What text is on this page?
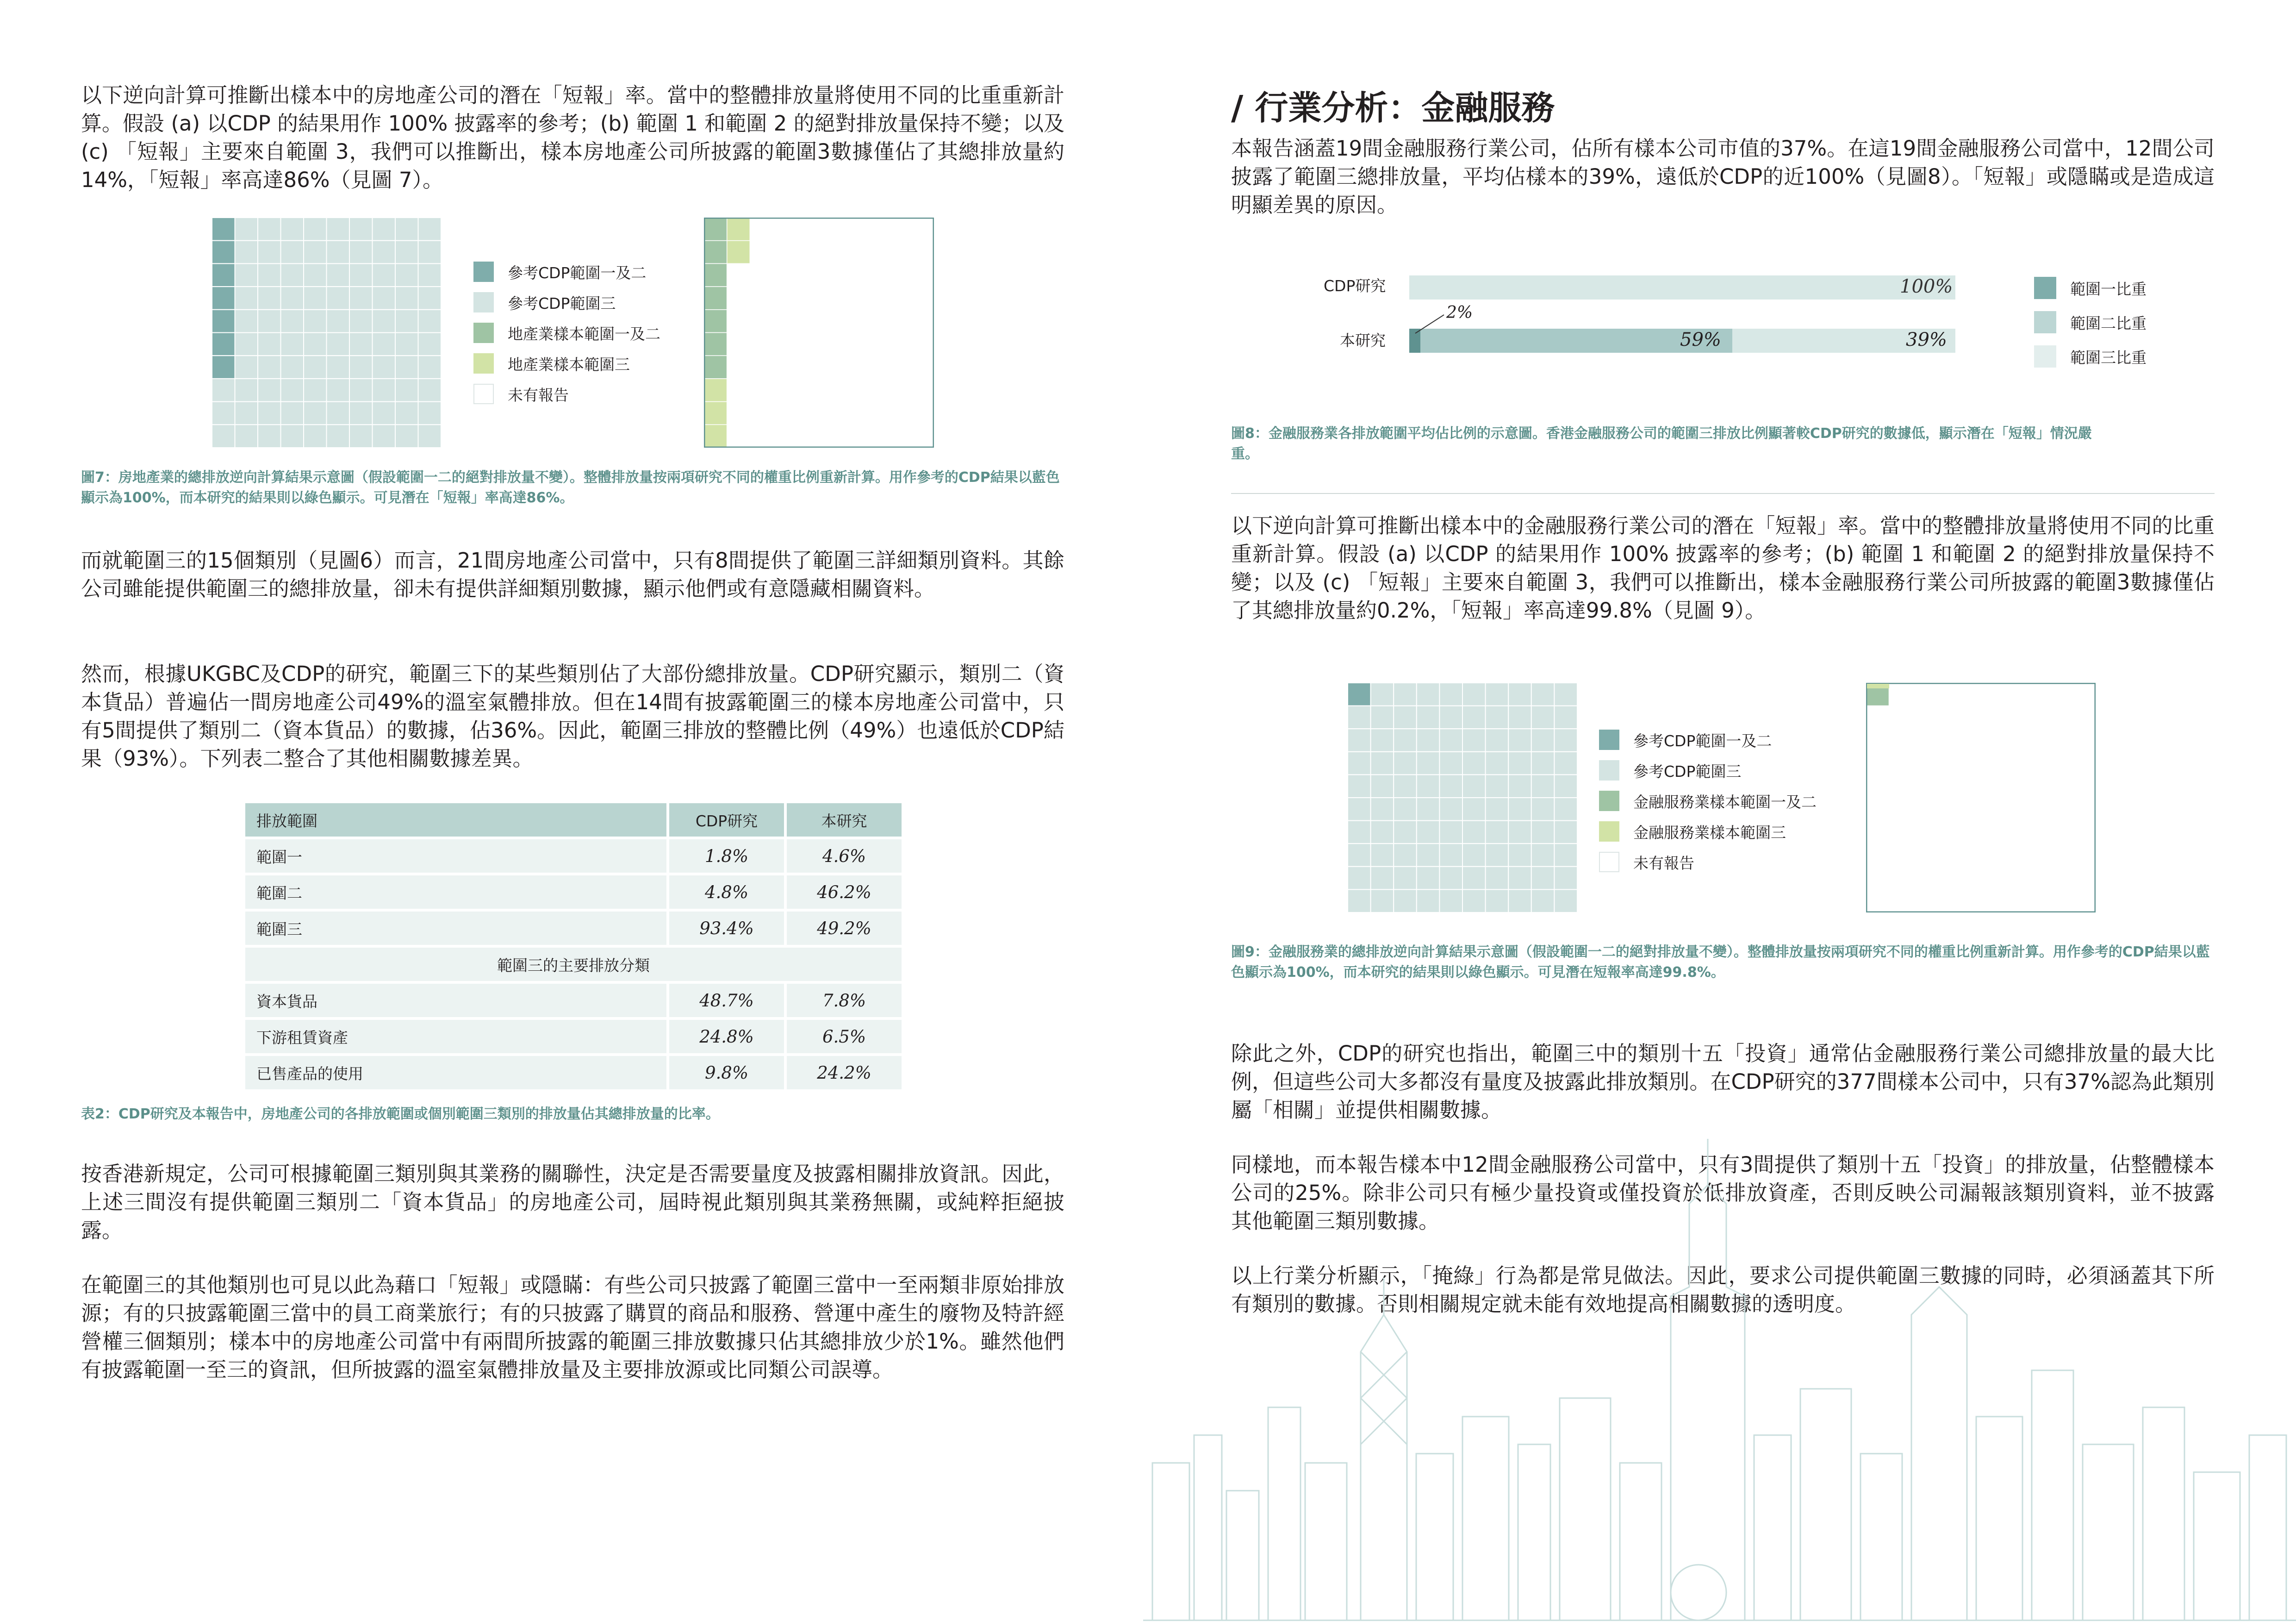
以下逆向計算可推斷出樣本中的房地產公司的潛在「短報」率。當中的整體排放量將使用不同的比重重新計算。假設 (a) 以CDP 的結果用作 100% 披露率的參考；(b) 範圍 1 和範圍 2 的絕對排放量保持不變；以及 (c) 「短報」主要來自範圍 3，我們可以推斷出，樣本房地產公司所披露的範圍3數據僅佔了其總排放量約14%，「短報」率高達86%（見圖 7）。

參考CDP範圍一及二
參考CDP範圍三
地產業樣本範圍一及二
地產業樣本範圍三
未有報告

圖7：房地產業的總排放逆向計算結果示意圖（假設範圍一二的絕對排放量不變）。整體排放量按兩項研究不同的權重比例重新計算。用作參考的CDP結果以藍色顯示為100%，而本研究的結果則以綠色顯示。可見潛在「短報」率高達86%。

而就範圍三的15個類別（見圖6）而言，21間房地產公司當中，只有8間提供了範圍三詳細類別資料。其餘公司雖能提供範圍三的總排放量，卻未有提供詳細類別數據，顯示他們或有意隱藏相關資料。

然而，根據UKGBC及CDP的研究，範圍三下的某些類別佔了大部份總排放量。CDP研究顯示，類別二（資本貨品）普遍佔一間房地產公司49%的溫室氣體排放。但在14間有披露範圍三的樣本房地產公司當中，只有5間提供了類別二（資本貨品）的數據，佔36%。因此，範圍三排放的整體比例（49%）也遠低於CDP結果（93%）。下列表二整合了其他相關數據差異。

排放範圍	CDP研究	本研究
範圍一	1.8%	4.6%
範圍二	4.8%	46.2%
範圍三	93.4%	49.2%
範圍三的主要排放分類		
資本貨品	48.7%	7.8%
下游租賃資產	24.8%	6.5%
已售產品的使用	9.8%	24.2%

表2：CDP研究及本報告中，房地產公司的各排放範圍或個別範圍三類別的排放量佔其總排放量的比率。

按香港新規定，公司可根據範圍三類別與其業務的關聯性，決定是否需要量度及披露相關排放資訊。因此，上述三間沒有提供範圍三類別二「資本貨品」的房地產公司，屆時視此類別與其業務無關，或純粹拒絕披露。

在範圍三的其他類別也可見以此為藉口「短報」或隱瞞：有些公司只披露了範圍三當中一至兩類非原始排放源；有的只披露範圍三當中的員工商業旅行；有的只披露了購買的商品和服務、營運中產生的廢物及特許經營權三個類別；樣本中的房地產公司當中有兩間所披露的範圍三排放數據只佔其總排放少於1%。雖然他們有披露範圍一至三的資訊，但所披露的溫室氣體排放量及主要排放源或比同類公司誤導。

/ 行業分析：金融服務

本報告涵蓋19間金融服務行業公司，佔所有樣本公司市值的37%。在這19間金融服務公司當中，12間公司披露了範圍三總排放量，平均佔樣本的39%，遠低於CDP的近100%（見圖8）。「短報」或隱瞞或是造成這明顯差異的原因。

CDP研究
本研究
100%
2%
59%	39%
範圍一比重
範圍二比重
範圍三比重

圖8：金融服務業各排放範圍平均佔比例的示意圖。香港金融服務公司的範圍三排放比例顯著較CDP研究的數據低，顯示潛在「短報」情況嚴重。

以下逆向計算可推斷出樣本中的金融服務行業公司的潛在「短報」率。當中的整體排放量將使用不同的比重重新計算。假設 (a) 以CDP 的結果用作 100% 披露率的參考；(b) 範圍 1 和範圍 2 的絕對排放量保持不變；以及 (c) 「短報」主要來自範圍 3，我們可以推斷出，樣本金融服務行業公司所披露的範圍3數據僅佔了其總排放量約0.2%，「短報」率高達99.8%（見圖 9）。

參考CDP範圍一及二
參考CDP範圍三
金融服務業樣本範圍一及二
金融服務業樣本範圍三
未有報告

圖9：金融服務業的總排放逆向計算結果示意圖（假設範圍一二的絕對排放量不變）。整體排放量按兩項研究不同的權重比例重新計算。用作參考的CDP結果以藍色顯示為100%，而本研究的結果則以綠色顯示。可見潛在短報率高達99.8%。

除此之外，CDP的研究也指出，範圍三中的類別十五「投資」通常佔金融服務行業公司總排放量的最大比例，但這些公司大多都沒有量度及披露此排放類別。在CDP研究的377間樣本公司中，只有37%認為此類別屬「相關」並提供相關數據。

同樣地，而本報告樣本中12間金融服務公司當中，只有3間提供了類別十五「投資」的排放量，佔整體樣本公司的25%。除非公司只有極少量投資或僅投資於低排放資產，否則反映公司漏報該類別資料，並不披露其他範圍三類別數據。

以上行業分析顯示，「掩綠」行為都是常見做法。因此，要求公司提供範圍三數據的同時，必須涵蓋其下所有類別的數據。否則相關規定就未能有效地提高相關數據的透明度。
